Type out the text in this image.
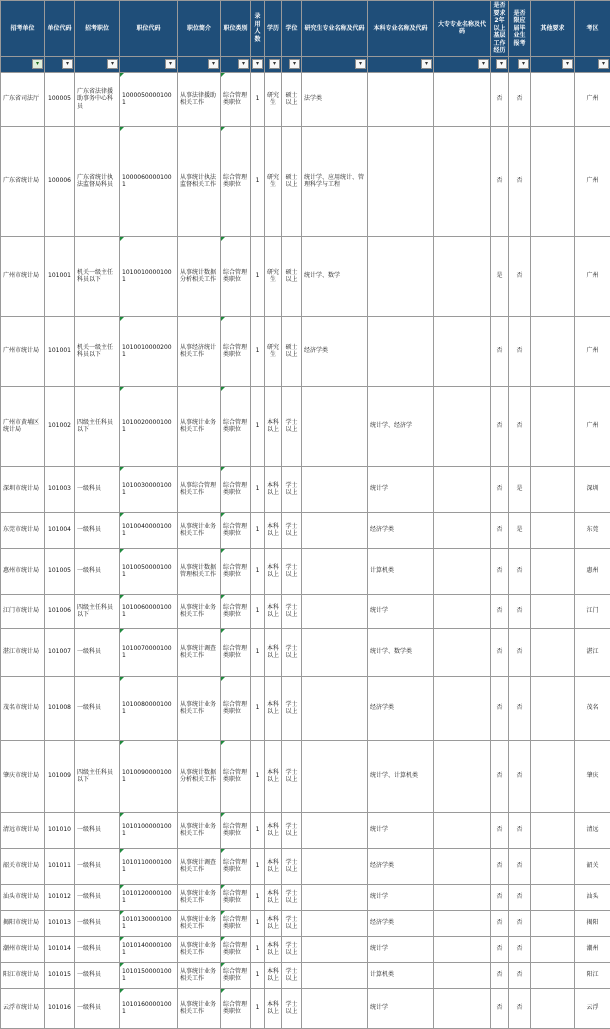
招考单位	单位代码	招考职位	职位代码	职位简介	职位类别	录用人数	学历	学位	研究生专业名称及代码	本科专业名称及代码	大专专业名称及代码	是否要求2年以上基层工作经历	是否限应届毕业生报考	其他要求	考区

▾	▾	▾	▾	▾	▾	▾	▾	▾	▾	▾	▾	▾	▾	▾	▾

广东省司法厅	100005	广东省法律援助事务中心科员	10000500001001	从事法律援助相关工作	综合管理类职位	1	研究生	硕士以上	法学类			否	否		广州
广东省统计局	100006	广东省统计执法监督局科员	10000600001001	从事统计执法监督相关工作	综合管理类职位	1	研究生	硕士以上	统计学、应用统计、管理科学与工程			否	否		广州
广州市统计局	101001	机关一级主任科员以下	10100100001001	从事统计数据分析相关工作	综合管理类职位	1	研究生	硕士以上	统计学、数学			是	否		广州
广州市统计局	101001	机关一级主任科员以下	10100100002001	从事经济统计相关工作	综合管理类职位	1	研究生	硕士以上	经济学类			否	否		广州
广州市黄埔区统计局	101002	四级主任科员以下	10100200001001	从事统计业务相关工作	综合管理类职位	1	本科以上	学士以上		统计学、经济学		否	否		广州
深圳市统计局	101003	一级科员	10100300001001	从事综合管理相关工作	综合管理类职位	1	本科以上	学士以上		统计学		否	是		深圳
东莞市统计局	101004	一级科员	10100400001001	从事统计业务相关工作	综合管理类职位	1	本科以上	学士以上		经济学类		否	是		东莞
惠州市统计局	101005	一级科员	10100500001001	从事统计数据管理相关工作	综合管理类职位	1	本科以上	学士以上		计算机类		否	否		惠州
江门市统计局	101006	四级主任科员以下	10100600001001	从事统计业务相关工作	综合管理类职位	1	本科以上	学士以上		统计学		否	否		江门
湛江市统计局	101007	一级科员	10100700001001	从事统计调查相关工作	综合管理类职位	1	本科以上	学士以上		统计学、数学类		否	否		湛江
茂名市统计局	101008	一级科员	10100800001001	从事统计业务相关工作	综合管理类职位	1	本科以上	学士以上		经济学类		否	否		茂名
肇庆市统计局	101009	四级主任科员以下	10100900001001	从事统计数据分析相关工作	综合管理类职位	1	本科以上	学士以上		统计学、计算机类		否	否		肇庆
清远市统计局	101010	一级科员	10101000001001	从事统计业务相关工作	综合管理类职位	1	本科以上	学士以上		统计学		否	否		清远
韶关市统计局	101011	一级科员	10101100001001	从事统计调查相关工作	综合管理类职位	1	本科以上	学士以上		经济学类		否	否		韶关
汕头市统计局	101012	一级科员	10101200001001	从事统计业务相关工作	综合管理类职位	1	本科以上	学士以上		统计学		否	否		汕头
揭阳市统计局	101013	一级科员	10101300001001	从事统计业务相关工作	综合管理类职位	1	本科以上	学士以上		经济学类		否	否		揭阳
潮州市统计局	101014	一级科员	10101400001001	从事统计业务相关工作	综合管理类职位	1	本科以上	学士以上		统计学		否	否		潮州
阳江市统计局	101015	一级科员	10101500001001	从事统计业务相关工作	综合管理类职位	1	本科以上	学士以上		计算机类		否	否		阳江
云浮市统计局	101016	一级科员	10101600001001	从事统计业务相关工作	综合管理类职位	1	本科以上	学士以上		统计学		否	否		云浮
